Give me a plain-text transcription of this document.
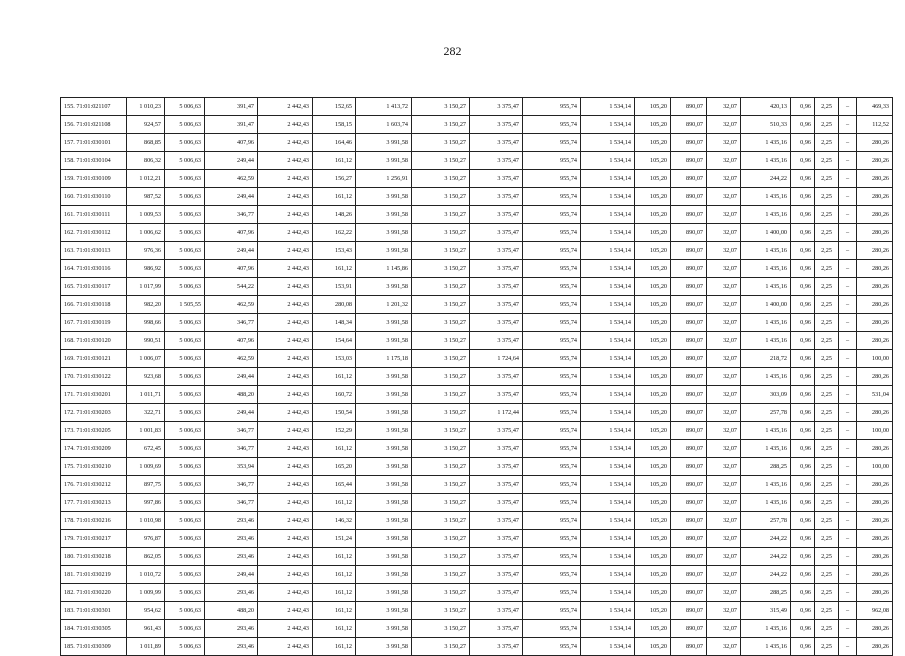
282
155. 71:01:021107	1 010,23	5 006,63	391,47	2 442,43	152,65	1 413,72	3 150,27	3 375,47	955,74	1 534,14	105,20	890,07	32,07	420,13	0,96	2,25	–	469,33
156. 71:01:021108	924,57	5 006,63	391,47	2 442,43	158,15	1 603,74	3 150,27	3 375,47	955,74	1 534,14	105,20	890,07	32,07	510,33	0,96	2,25	–	112,52
157. 71:01:030101	868,85	5 006,63	407,96	2 442,43	164,46	3 991,58	3 150,27	3 375,47	955,74	1 534,14	105,20	890,07	32,07	1 435,16	0,96	2,25	–	280,26
158. 71:01:030104	806,32	5 006,63	249,44	2 442,43	161,12	3 991,58	3 150,27	3 375,47	955,74	1 534,14	105,20	890,07	32,07	1 435,16	0,96	2,25	–	280,26
159. 71:01:030109	1 012,21	5 006,63	462,59	2 442,43	156,27	1 256,91	3 150,27	3 375,47	955,74	1 534,14	105,20	890,07	32,07	244,22	0,96	2,25	–	280,26
160. 71:01:030110	987,52	5 006,63	249,44	2 442,43	161,12	3 991,58	3 150,27	3 375,47	955,74	1 534,14	105,20	890,07	32,07	1 435,16	0,96	2,25	–	280,26
161. 71:01:030111	1 009,53	5 006,63	346,77	2 442,43	148,26	3 991,58	3 150,27	3 375,47	955,74	1 534,14	105,20	890,07	32,07	1 435,16	0,96	2,25	–	280,26
162. 71:01:030112	1 006,62	5 006,63	407,96	2 442,43	162,22	3 991,58	3 150,27	3 375,47	955,74	1 534,14	105,20	890,07	32,07	1 400,00	0,96	2,25	–	280,26
163. 71:01:030113	976,36	5 006,63	249,44	2 442,43	153,43	3 991,58	3 150,27	3 375,47	955,74	1 534,14	105,20	890,07	32,07	1 435,16	0,96	2,25	–	280,26
164. 71:01:030116	986,92	5 006,63	407,96	2 442,43	161,12	1 145,86	3 150,27	3 375,47	955,74	1 534,14	105,20	890,07	32,07	1 435,16	0,96	2,25	–	280,26
165. 71:01:030117	1 017,99	5 006,63	544,22	2 442,43	153,91	3 991,58	3 150,27	3 375,47	955,74	1 534,14	105,20	890,07	32,07	1 435,16	0,96	2,25	–	280,26
166. 71:01:030118	982,20	1 505,55	462,59	2 442,43	280,08	1 201,32	3 150,27	3 375,47	955,74	1 534,14	105,20	890,07	32,07	1 400,00	0,96	2,25	–	280,26
167. 71:01:030119	998,66	5 006,63	346,77	2 442,43	148,34	3 991,58	3 150,27	3 375,47	955,74	1 534,14	105,20	890,07	32,07	1 435,16	0,96	2,25	–	280,26
168. 71:01:030120	990,51	5 006,63	407,96	2 442,43	154,64	3 991,58	3 150,27	3 375,47	955,74	1 534,14	105,20	890,07	32,07	1 435,16	0,96	2,25	–	280,26
169. 71:01:030121	1 006,07	5 006,63	462,59	2 442,43	153,03	1 175,18	3 150,27	1 724,64	955,74	1 534,14	105,20	890,07	32,07	218,72	0,96	2,25	–	100,00
170. 71:01:030122	923,68	5 006,63	249,44	2 442,43	161,12	3 991,58	3 150,27	3 375,47	955,74	1 534,14	105,20	890,07	32,07	1 435,16	0,96	2,25	–	280,26
171. 71:01:030201	1 011,71	5 006,63	488,20	2 442,43	160,72	3 991,58	3 150,27	3 375,47	955,74	1 534,14	105,20	890,07	32,07	303,09	0,96	2,25	–	531,04
172. 71:01:030203	322,71	5 006,63	249,44	2 442,43	150,54	3 991,58	3 150,27	1 172,44	955,74	1 534,14	105,20	890,07	32,07	257,78	0,96	2,25	–	280,26
173. 71:01:030205	1 001,83	5 006,63	346,77	2 442,43	152,29	3 991,58	3 150,27	3 375,47	955,74	1 534,14	105,20	890,07	32,07	1 435,16	0,96	2,25	–	100,00
174. 71:01:030209	672,45	5 006,63	346,77	2 442,43	161,12	3 991,58	3 150,27	3 375,47	955,74	1 534,14	105,20	890,07	32,07	1 435,16	0,96	2,25	–	280,26
175. 71:01:030210	1 009,69	5 006,63	353,94	2 442,43	165,20	3 991,58	3 150,27	3 375,47	955,74	1 534,14	105,20	890,07	32,07	288,25	0,96	2,25	–	100,00
176. 71:01:030212	897,75	5 006,63	346,77	2 442,43	165,44	3 991,58	3 150,27	3 375,47	955,74	1 534,14	105,20	890,07	32,07	1 435,16	0,96	2,25	–	280,26
177. 71:01:030213	997,86	5 006,63	346,77	2 442,43	161,12	3 991,58	3 150,27	3 375,47	955,74	1 534,14	105,20	890,07	32,07	1 435,16	0,96	2,25	–	280,26
178. 71:01:030216	1 010,98	5 006,63	293,46	2 442,43	146,32	3 991,58	3 150,27	3 375,47	955,74	1 534,14	105,20	890,07	32,07	257,78	0,96	2,25	–	280,26
179. 71:01:030217	976,87	5 006,63	293,46	2 442,43	151,24	3 991,58	3 150,27	3 375,47	955,74	1 534,14	105,20	890,07	32,07	244,22	0,96	2,25	–	280,26
180. 71:01:030218	862,05	5 006,63	293,46	2 442,43	161,12	3 991,58	3 150,27	3 375,47	955,74	1 534,14	105,20	890,07	32,07	244,22	0,96	2,25	–	280,26
181. 71:01:030219	1 010,72	5 006,63	249,44	2 442,43	161,12	3 991,58	3 150,27	3 375,47	955,74	1 534,14	105,20	890,07	32,07	244,22	0,96	2,25	–	280,26
182. 71:01:030220	1 009,99	5 006,63	293,46	2 442,43	161,12	3 991,58	3 150,27	3 375,47	955,74	1 534,14	105,20	890,07	32,07	288,25	0,96	2,25	–	280,26
183. 71:01:030301	954,62	5 006,63	488,20	2 442,43	161,12	3 991,58	3 150,27	3 375,47	955,74	1 534,14	105,20	890,07	32,07	315,49	0,96	2,25	–	962,08
184. 71:01:030305	961,43	5 006,63	293,46	2 442,43	161,12	3 991,58	3 150,27	3 375,47	955,74	1 534,14	105,20	890,07	32,07	1 435,16	0,96	2,25	–	280,26
185. 71:01:030309	1 011,89	5 006,63	293,46	2 442,43	161,12	3 991,58	3 150,27	3 375,47	955,74	1 534,14	105,20	890,07	32,07	1 435,16	0,96	2,25	–	280,26
